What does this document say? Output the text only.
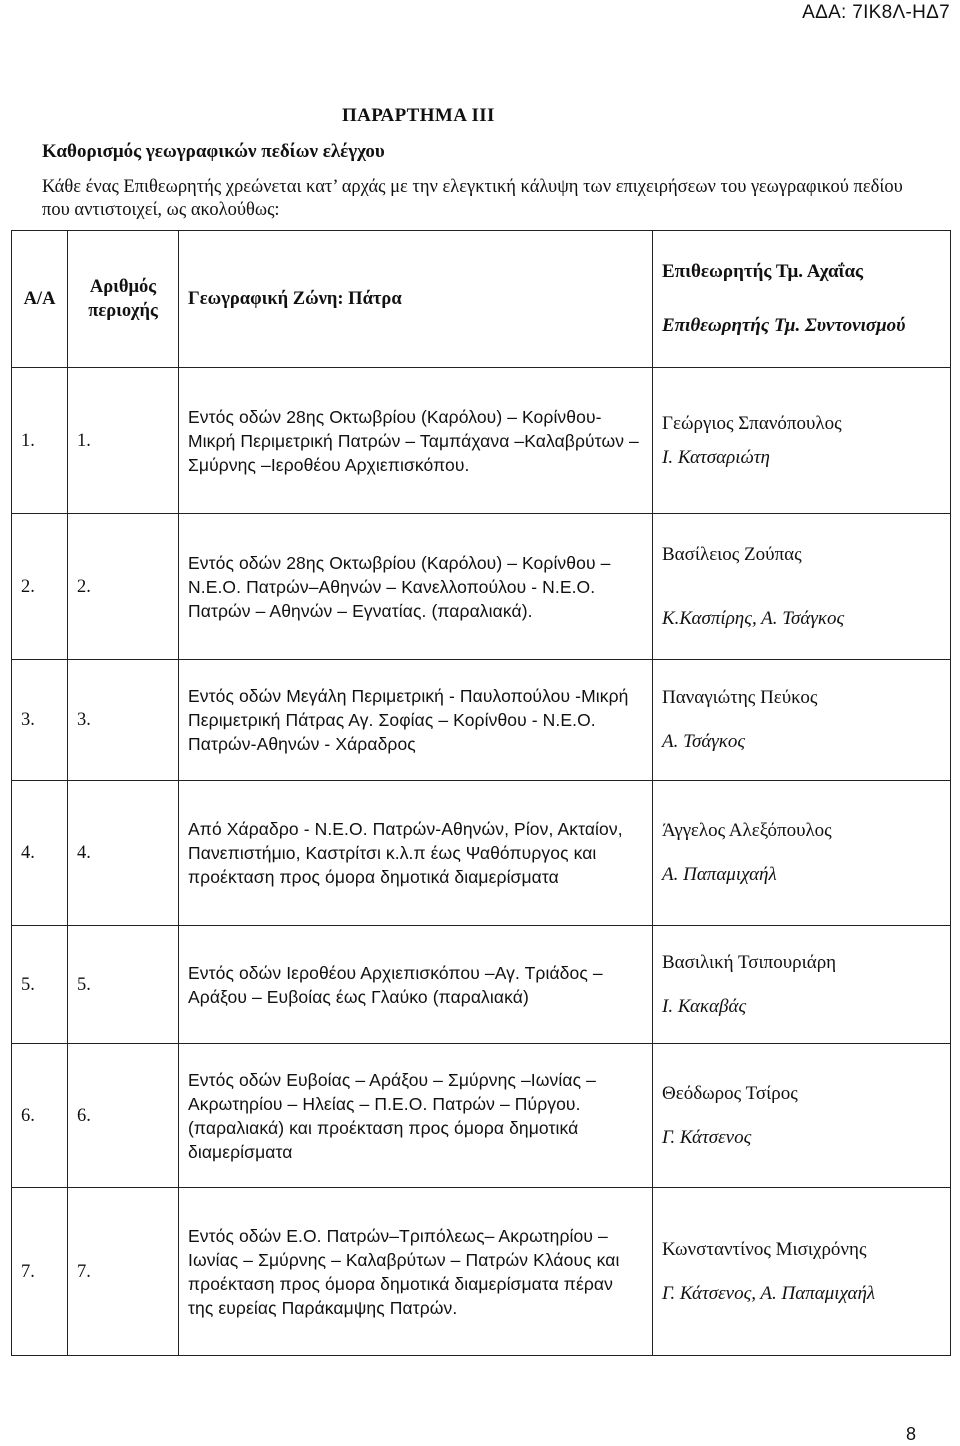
ΑΔΑ: 7ΙΚ8Λ-ΗΔ7
ΠΑΡΑΡΤΗΜΑ ΙΙΙ
Καθορισμός γεωγραφικών πεδίων ελέγχου
Κάθε ένας Επιθεωρητής χρεώνεται κατ’ αρχάς με την ελεγκτική κάλυψη των επιχειρήσεων του γεωγραφικού πεδίου που αντιστοιχεί, ως ακολούθως:
Α/Α	Αριθμός περιοχής	Γεωγραφική Ζώνη: Πάτρα	Επιθεωρητής Τμ. Αχαΐας
Επιθεωρητής Τμ. Συντονισμού

1.	1.	Εντός οδών 28ης Οκτωβρίου (Καρόλου) – Κορίνθου- Μικρή Περιμετρική Πατρών – Ταμπάχανα –Καλαβρύτων –Σμύρνης –Ιεροθέου Αρχιεπισκόπου.	Γεώργιος Σπανόπουλος
Ι. Κατσαριώτη

2.	2.	Εντός οδών 28ης Οκτωβρίου (Καρόλου) – Κορίνθου – Ν.Ε.Ο. Πατρών–Αθηνών – Κανελλοπούλου - Ν.Ε.Ο. Πατρών – Αθηνών – Εγνατίας. (παραλιακά).	Βασίλειος Ζούπας
Κ.Κασπίρης, Α. Τσάγκος

3.	3.	Εντός οδών Μεγάλη Περιμετρική - Παυλοπούλου -Μικρή Περιμετρική Πάτρας Αγ. Σοφίας – Κορίνθου - Ν.Ε.Ο. Πατρών-Αθηνών - Χάραδρος	Παναγιώτης Πεύκος
Α. Τσάγκος

4.	4.	Από Χάραδρο - Ν.Ε.Ο. Πατρών-Αθηνών, Ρίον, Ακταίον, Πανεπιστήμιο, Καστρίτσι κ.λ.π έως Ψαθόπυργος και προέκταση προς όμορα δημοτικά διαμερίσματα	Άγγελος Αλεξόπουλος
Α. Παπαμιχαήλ

5.	5.	Εντός οδών Ιεροθέου Αρχιεπισκόπου –Αγ. Τριάδος – Αράξου – Ευβοίας έως Γλαύκο (παραλιακά)	Βασιλική Τσιπουριάρη
Ι. Κακαβάς

6.	6.	Εντός οδών Ευβοίας – Αράξου – Σμύρνης –Ιωνίας – Ακρωτηρίου – Ηλείας – Π.Ε.Ο. Πατρών – Πύργου. (παραλιακά) και προέκταση προς όμορα δημοτικά διαμερίσματα	Θεόδωρος Τσίρος
Γ. Κάτσενος

7.	7.	Εντός οδών Ε.Ο. Πατρών–Τριπόλεως– Ακρωτηρίου – Ιωνίας – Σμύρνης – Καλαβρύτων – Πατρών Κλάους και προέκταση προς όμορα δημοτικά διαμερίσματα πέραν της ευρείας Παράκαμψης Πατρών.	Κωνσταντίνος Μισιχρόνης
Γ. Κάτσενος, Α. Παπαμιχαήλ
8
